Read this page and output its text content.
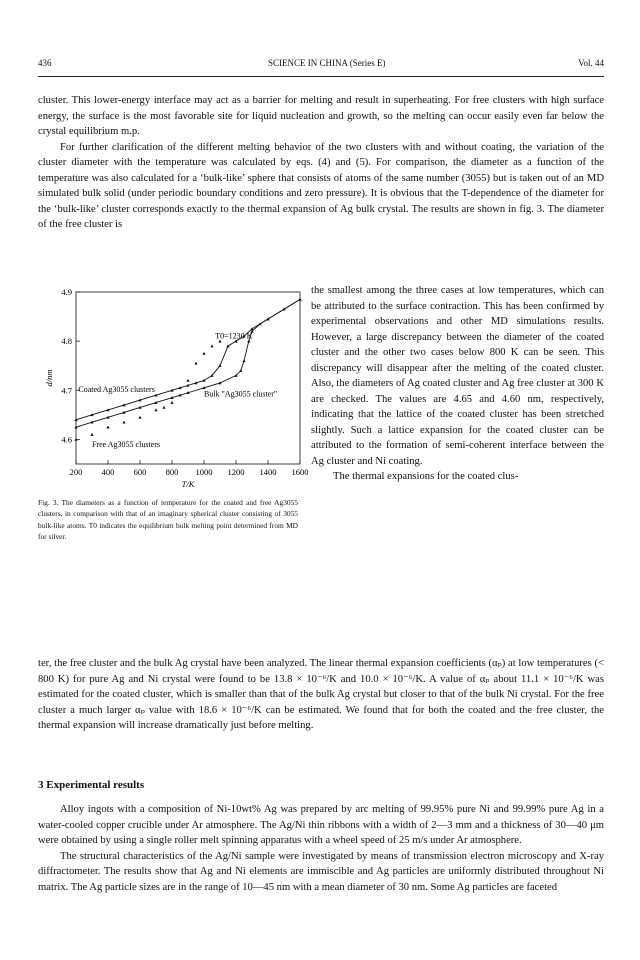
436	SCIENCE IN CHINA (Series E)	Vol. 44

cluster. This lower-energy interface may act as a barrier for melting and result in superheating. For free clusters with high surface energy, the surface is the most favorable site for liquid nucleation and growth, so the melting can occur easily even far below the crystal equilibrium m.p.

For further clarification of the different melting behavior of the two clusters with and without coating, the variation of the cluster diameter with the temperature was calculated by eqs. (4) and (5). For comparison, the diameter as a function of the temperature was also calculated for a ‘bulk-like’ sphere that consists of atoms of the same number (3055) but is taken out of an MD simulated bulk solid (under periodic boundary conditions and zero pressure). It is obvious that the T-dependence of the diameter for the ‘bulk-like’ cluster corresponds exactly to the thermal expansion of Ag bulk crystal. The results are shown in fig. 3. The diameter of the free cluster is

200 400 600 800 1000 1200 1400 1600
4.6
4.7
4.8
4.9
T/K
d/nm
T0=1230 K
Coated Ag3055 clusters
Bulk "Ag3055 cluster"
Free Ag3055 clusters

the smallest among the three cases at low temperatures, which can be attributed to the surface contraction. This has been confirmed by experimental observations and other MD simulations results. However, a large discrepancy between the diameter of the coated cluster and the other two cases below 800 K can be seen. This discrepancy will disappear after the melting of the coated cluster. Also, the diameters of Ag coated cluster and Ag free cluster at 300 K are checked. The values are 4.65 and 4.60 nm, respectively, indicating that the lattice of the coated cluster has been stretched slightly. Such a lattice expansion for the coated cluster can be attributed to the formation of semi-coherent interface between the Ag cluster and Ni coating.

The thermal expansions for the coated clus-

Fig. 3. The diameters as a function of temperature for the coated and free Ag3055 clusters, in comparison with that of an imaginary spherical cluster consisting of 3055 bulk-like atoms. T0 indicates the equilibrium bulk melting point determined from MD for silver.

ter, the free cluster and the bulk Ag crystal have been analyzed. The linear thermal expansion coefficients (αₚ) at low temperatures (< 800 K) for pure Ag and Ni crystal were found to be 13.8 × 10⁻⁶/K and 10.0 × 10⁻⁶/K. A value of αₚ about 11.1 × 10⁻⁶/K was estimated for the coated cluster, which is smaller than that of the bulk Ag crystal but closer to that of the bulk Ni crystal. For the free cluster a much larger αₚ value with 18.6 × 10⁻⁶/K can be estimated. We found that for both the coated and the free cluster, the thermal expansion will increase dramatically just before melting.

3 Experimental results

Alloy ingots with a composition of Ni-10wt% Ag was prepared by arc melting of 99.95% pure Ni and 99.99% pure Ag in a water-cooled copper crucible under Ar atmosphere. The Ag/Ni thin ribbons with a width of 2—3 mm and a thickness of 30—40 μm were obtained by using a single roller melt spinning apparatus with a wheel speed of 25 m/s under Ar atmosphere.

The structural characteristics of the Ag/Ni sample were investigated by means of transmission electron microscopy and X-ray diffractometer. The results show that Ag and Ni elements are immiscible and Ag particles are uniformly distributed throughout Ni matrix. The Ag particle sizes are in the range of 10—45 nm with a mean diameter of 30 nm. Some Ag particles are faceted
